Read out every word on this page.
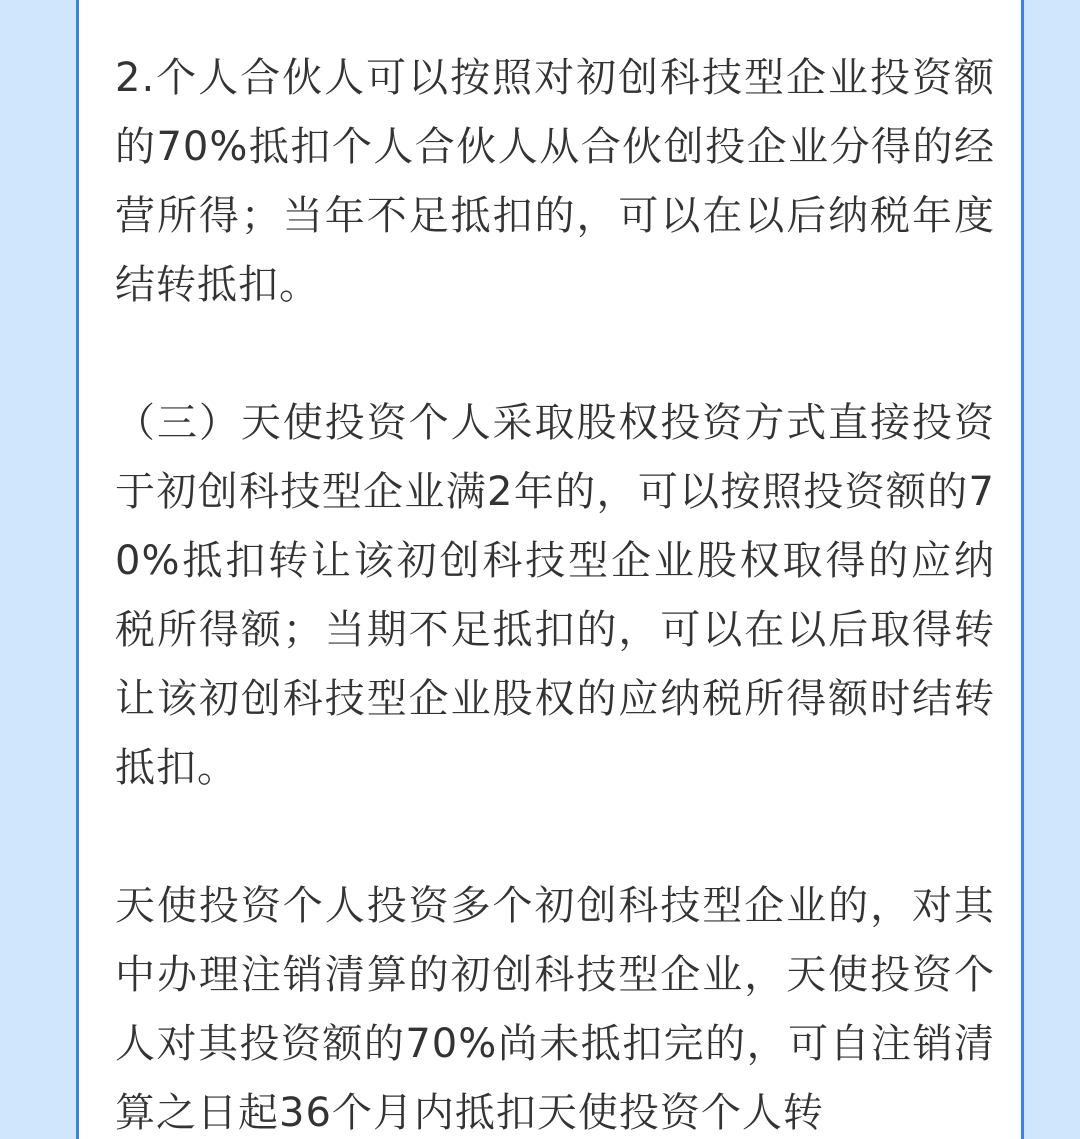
2.个人合伙人可以按照对初创科技型企业投资额的70%抵扣个人合伙人从合伙创投企业分得的经营所得；当年不足抵扣的，可以在以后纳税年度结转抵扣。

（三）天使投资个人采取股权投资方式直接投资于初创科技型企业满2年的，可以按照投资额的70%抵扣转让该初创科技型企业股权取得的应纳税所得额；当期不足抵扣的，可以在以后取得转让该初创科技型企业股权的应纳税所得额时结转抵扣。

天使投资个人投资多个初创科技型企业的，对其中办理注销清算的初创科技型企业，天使投资个人对其投资额的70%尚未抵扣完的，可自注销清算之日起36个月内抵扣天使投资个人转
